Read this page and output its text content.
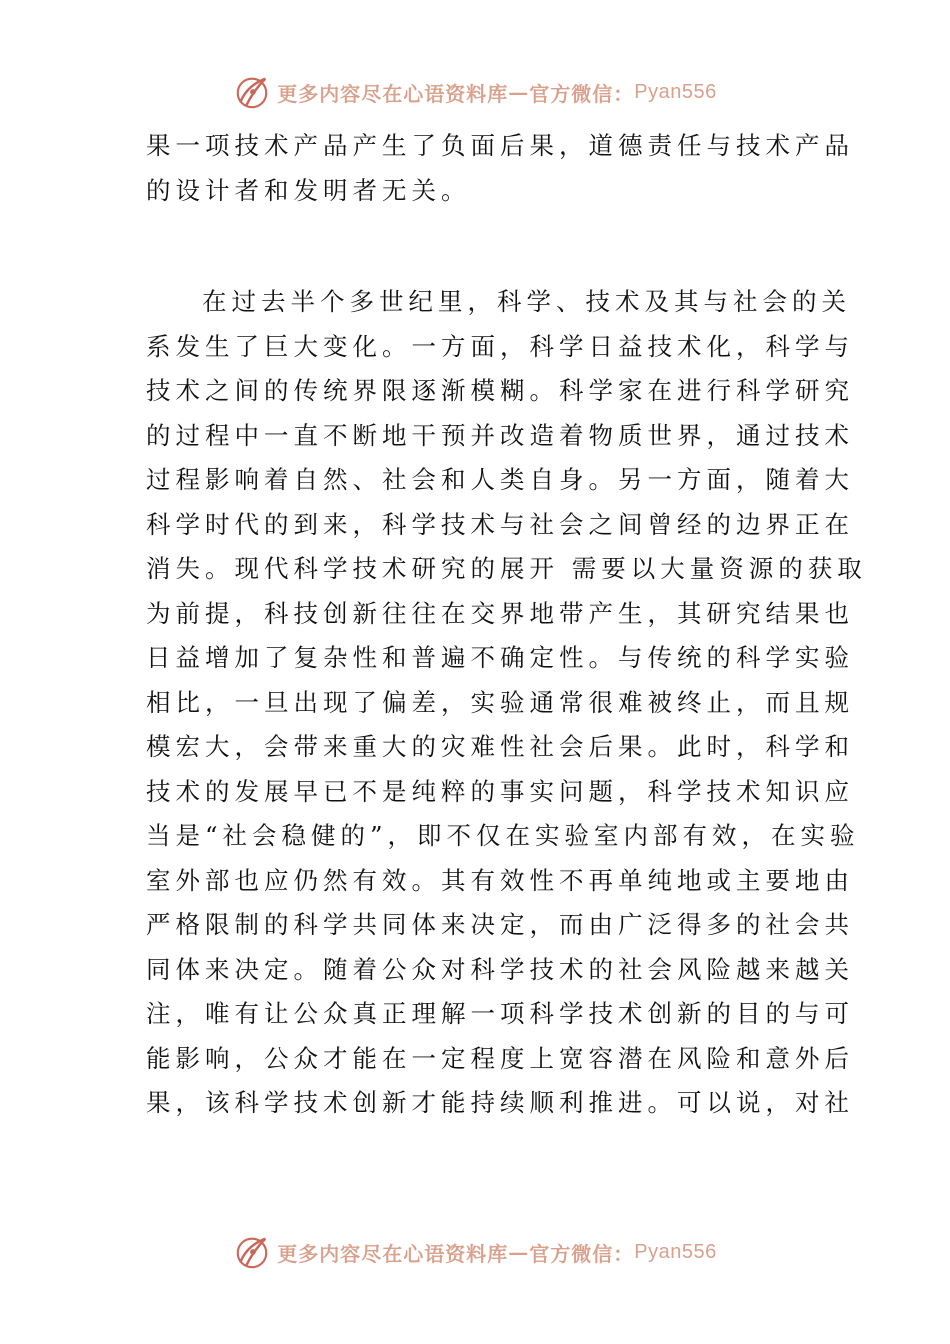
更多内容尽在心语资料库 — 官方微信： Pyan556
果一项技术产品产生了负面后果，道德责任与技术产品
的设计者和发明者无关。
在过去半个多世纪里，科学、技术及其与社会的关
系发生了巨大变化。一方面，科学日益技术化，科学与
技术之间的传统界限逐渐模糊。科学家在进行科学研究
的过程中一直不断地干预并改造着物质世界，通过技术
过程影响着自然、社会和人类自身。另一方面，随着大
科学时代的到来，科学技术与社会之间曾经的边界正在
消失。现代科学技术研究的展开 需要以大量资源的获取
为前提，科技创新往往在交界地带产生，其研究结果也
日益增加了复杂性和普遍不确定性。与传统的科学实验
相比，一旦出现了偏差，实验通常很难被终止，而且规
模宏大，会带来重大的灾难性社会后果。此时，科学和
技术的发展早已不是纯粹的事实问题，科学技术知识应
当是“社会稳健的”，即不仅在实验室内部有效，在实验
室外部也应仍然有效。其有效性不再单纯地或主要地由
严格限制的科学共同体来决定，而由广泛得多的社会共
同体来决定。随着公众对科学技术的社会风险越来越关
注，唯有让公众真正理解一项科学技术创新的目的与可
能影响，公众才能在一定程度上宽容潜在风险和意外后
果，该科学技术创新才能持续顺利推进。可以说，对社
更多内容尽在心语资料库 — 官方微信： Pyan556
